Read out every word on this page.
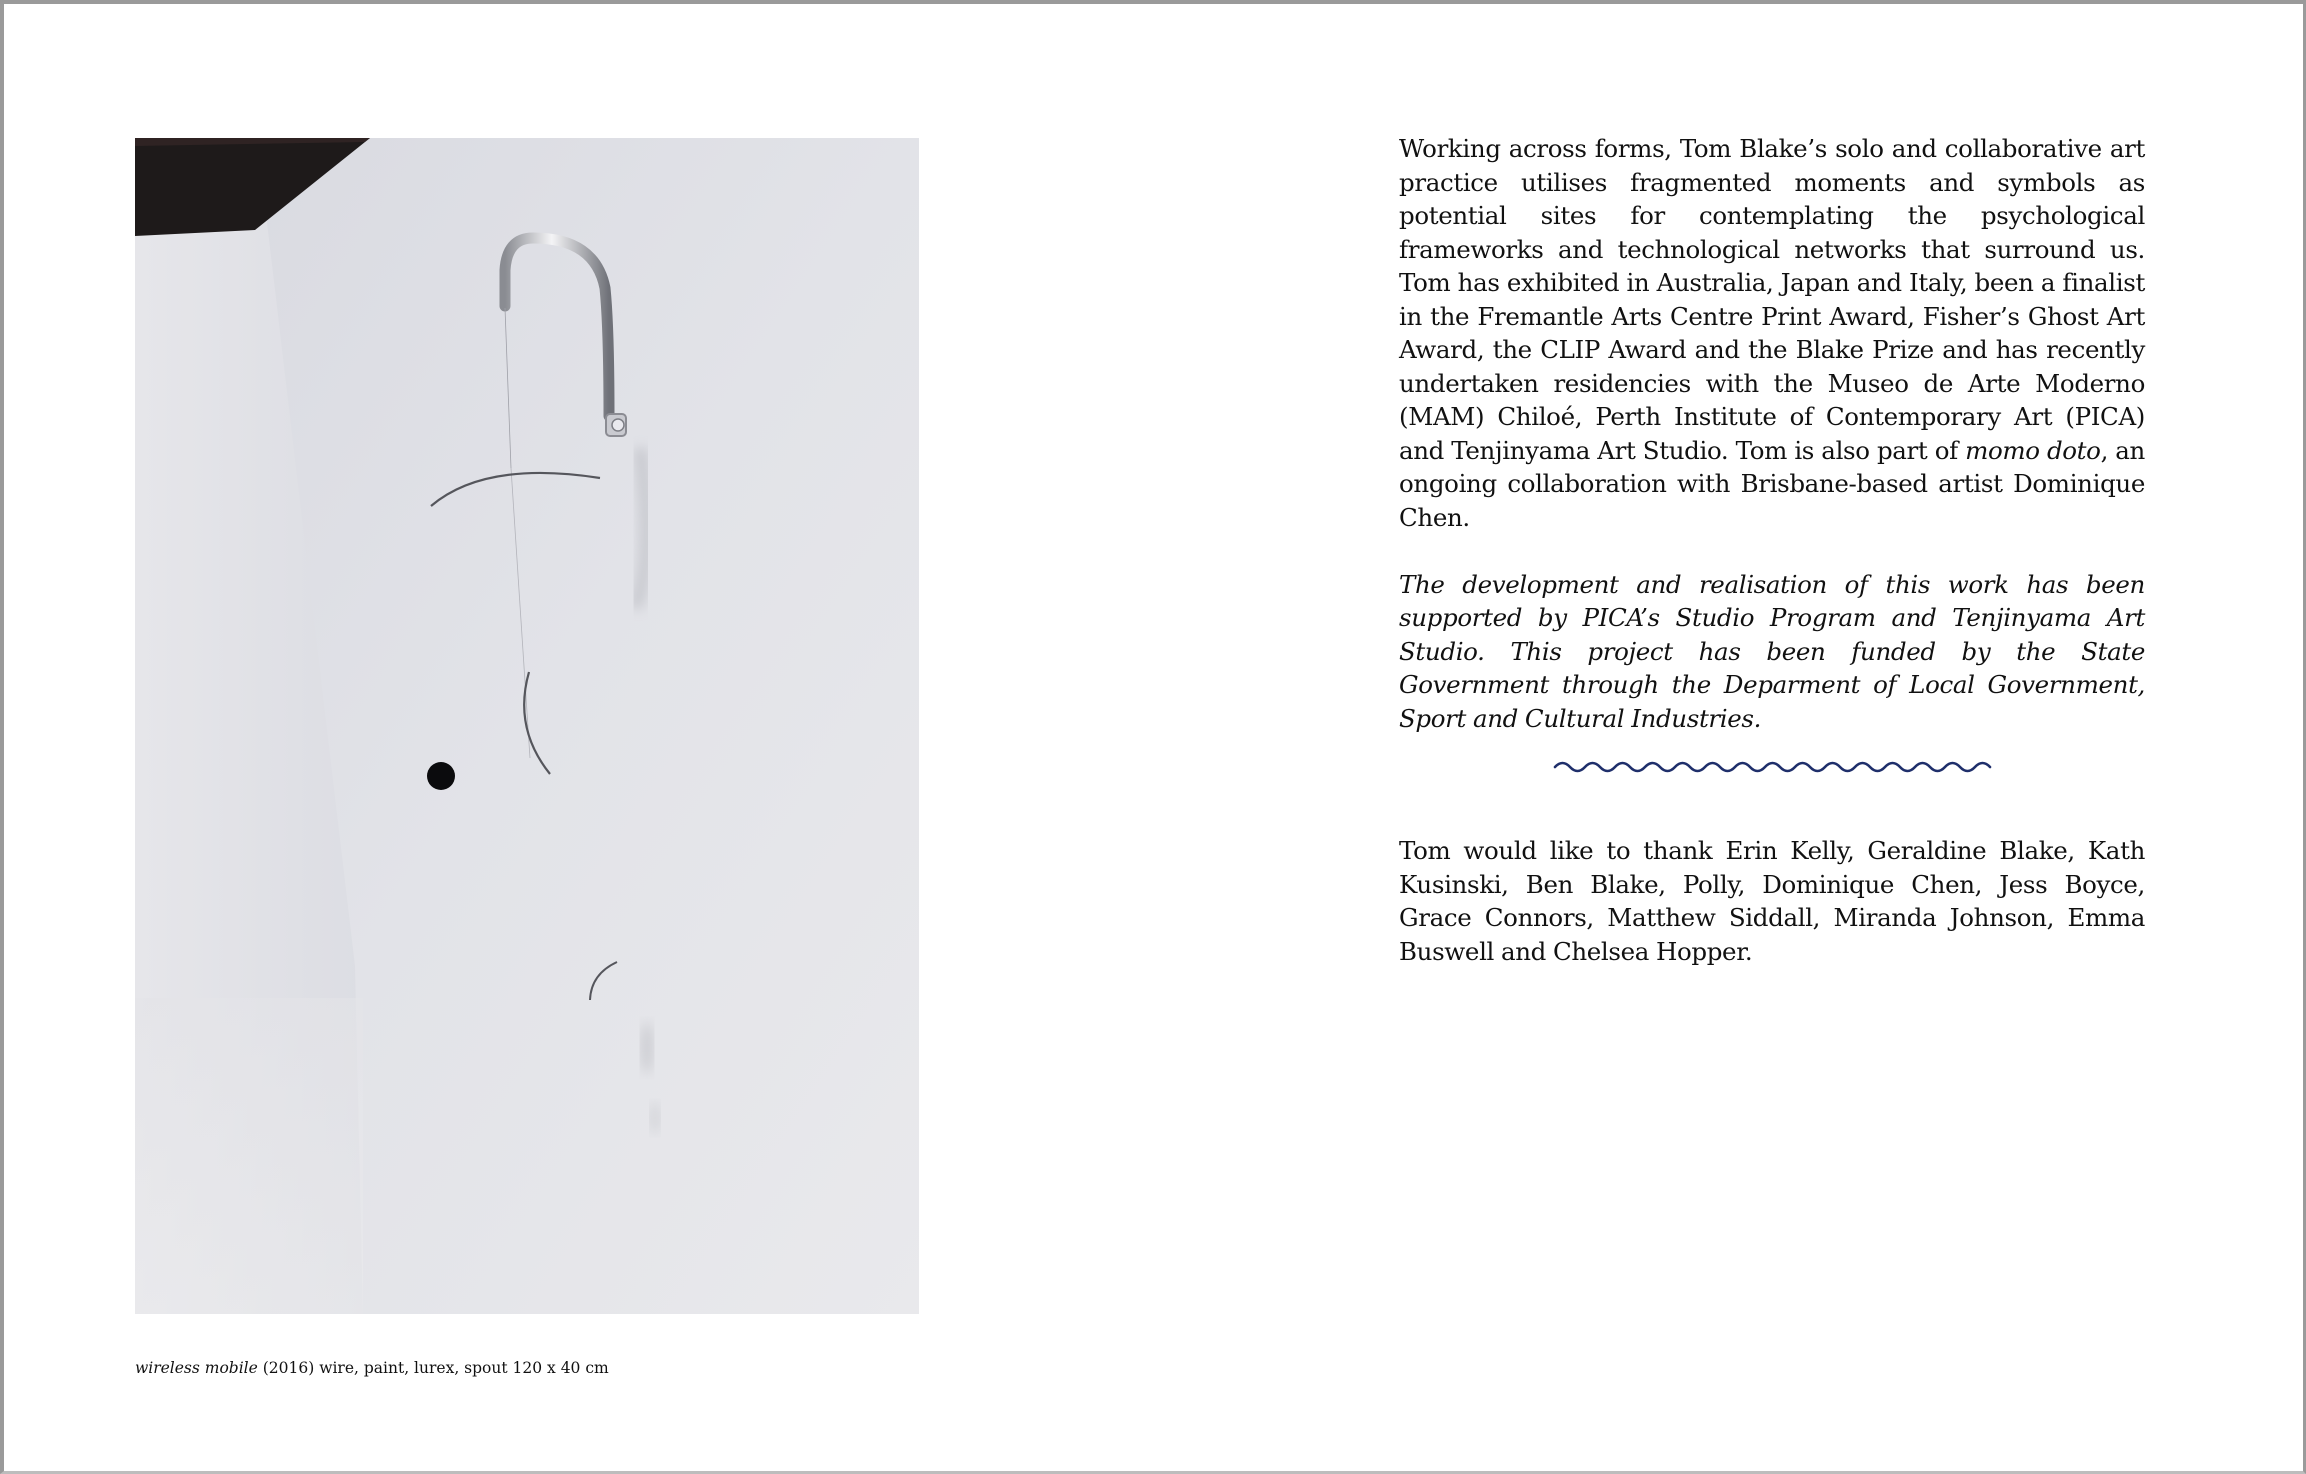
wireless mobile (2016) wire, paint, lurex, spout 120 x 40 cm

Working across forms, Tom Blake’s solo and collaborative art practice utilises fragmented moments and symbols as potential sites for contemplating the psychological frameworks and technological networks that surround us. Tom has exhibited in Australia, Japan and Italy, been a finalist in the Fremantle Arts Centre Print Award, Fisher’s Ghost Art Award, the CLIP Award and the Blake Prize and has recently undertaken residencies with the Museo de Arte Moderno (MAM) Chiloé, Perth Institute of Contemporary Art (PICA) and Tenjinyama Art Studio. Tom is also part of momo doto, an ongoing collaboration with Brisbane-based artist Dominique Chen.

The development and realisation of this work has been supported by PICA’s Studio Program and Tenjinyama Art Studio. This project has been funded by the State Government through the Deparment of Local Government, Sport and Cultural Industries.

Tom would like to thank Erin Kelly, Geraldine Blake, Kath Kusinski, Ben Blake, Polly, Dominique Chen, Jess Boyce, Grace Connors, Matthew Siddall, Miranda Johnson, Emma Buswell and Chelsea Hopper.
